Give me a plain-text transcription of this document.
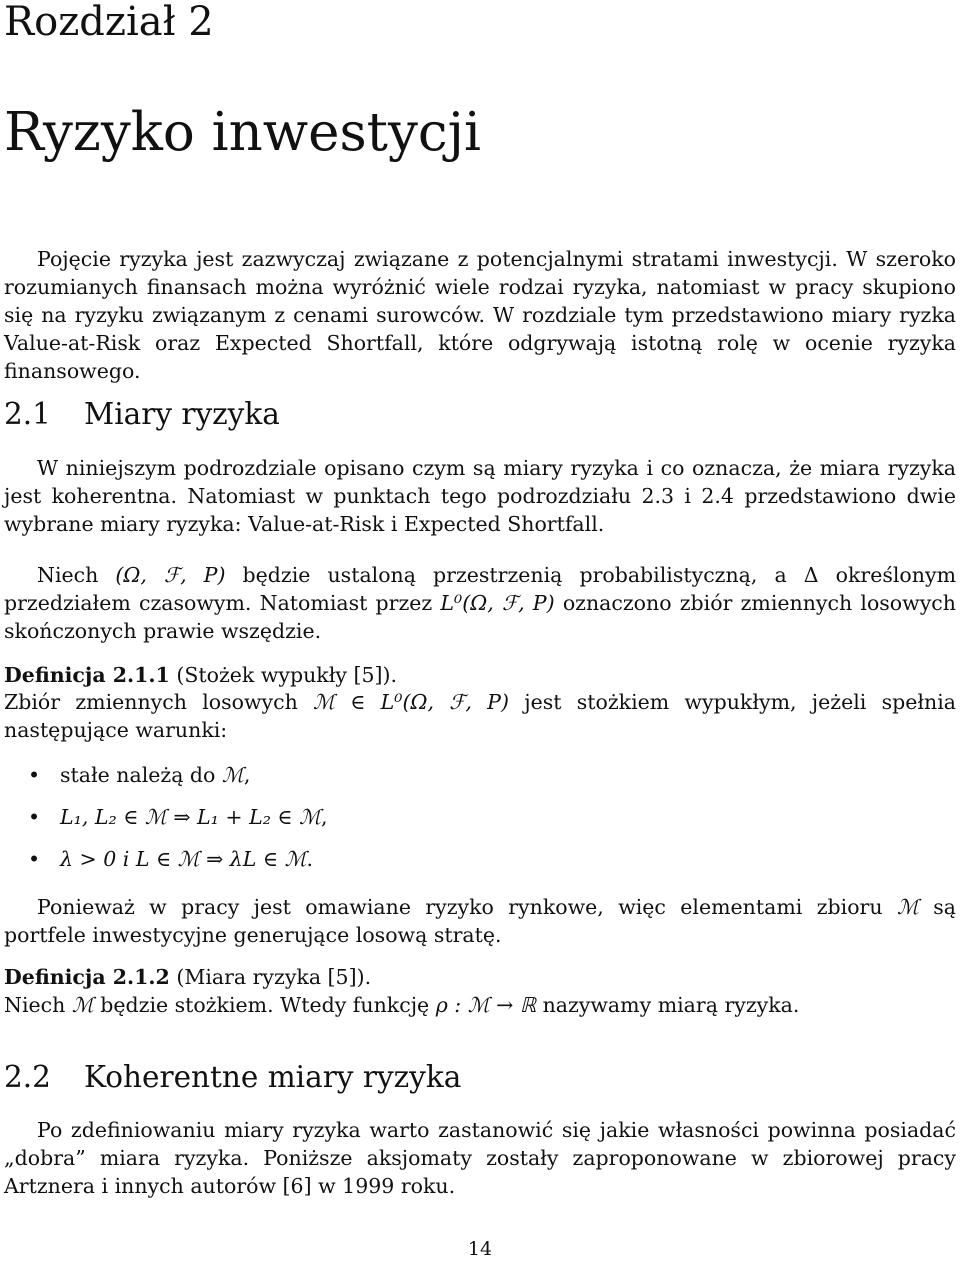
Rozdział 2
Ryzyko inwestycji

Pojęcie ryzyka jest zazwyczaj związane z potencjalnymi stratami inwestycji. W szeroko rozumianych finansach można wyróżnić wiele rodzai ryzyka, natomiast w pracy skupiono się na ryzyku związanym z cenami surowców. W rozdziale tym przedstawiono miary ryzka Value-at-Risk oraz Expected Shortfall, które odgrywają istotną rolę w ocenie ryzyka finansowego.

2.1 Miary ryzyka

W niniejszym podrozdziale opisano czym są miary ryzyka i co oznacza, że miara ryzyka jest koherentna. Natomiast w punktach tego podrozdziału 2.3 i 2.4 przedstawiono dwie wybrane miary ryzyka: Value-at-Risk i Expected Shortfall.

Niech (Ω, ℱ, P) będzie ustaloną przestrzenią probabilistyczną, a Δ określonym przedziałem czasowym. Natomiast przez L⁰(Ω, ℱ, P) oznaczono zbiór zmiennych losowych skończonych prawie wszędzie.

Definicja 2.1.1 (Stożek wypukły [5]).

Zbiór zmiennych losowych ℳ ∈ L⁰(Ω, ℱ, P) jest stożkiem wypukłym, jeżeli spełnia następujące warunki:

• stałe należą do ℳ,
• L₁, L₂ ∈ ℳ ⇒ L₁ + L₂ ∈ ℳ,
• λ > 0 i L ∈ ℳ ⇒ λL ∈ ℳ.

Ponieważ w pracy jest omawiane ryzyko rynkowe, więc elementami zbioru ℳ są portfele inwestycyjne generujące losową stratę.

Definicja 2.1.2 (Miara ryzyka [5]).

Niech ℳ będzie stożkiem. Wtedy funkcję ρ : ℳ → ℝ nazywamy miarą ryzyka.

2.2 Koherentne miary ryzyka

Po zdefiniowaniu miary ryzyka warto zastanowić się jakie własności powinna posiadać „dobra” miara ryzyka. Poniższe aksjomaty zostały zaproponowane w zbiorowej pracy Artznera i innych autorów [6] w 1999 roku.

14
